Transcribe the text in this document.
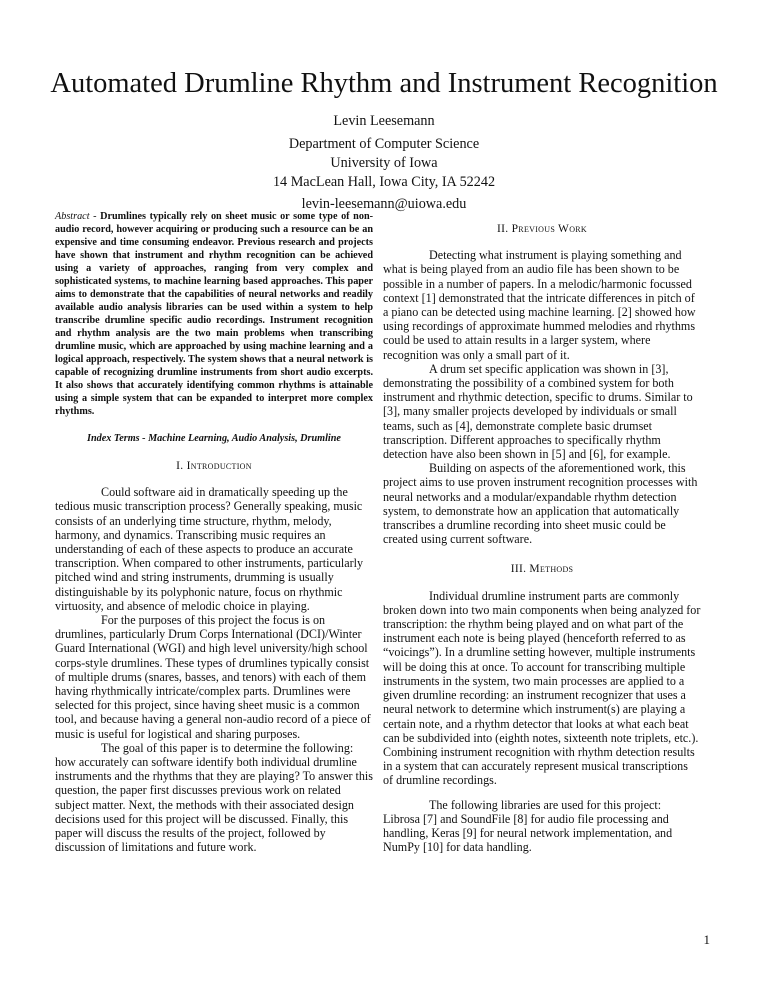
Automated Drumline Rhythm and Instrument Recognition
Levin Leesemann
Department of Computer Science
University of Iowa
14 MacLean Hall, Iowa City, IA 52242
levin-leesemann@uiowa.edu

Abstract - Drumlines typically rely on sheet music or some type of non-audio record, however acquiring or producing such a resource can be an expensive and time consuming endeavor. Previous research and projects have shown that instrument and rhythm recognition can be achieved using a variety of approaches, ranging from very complex and sophisticated systems, to machine learning based approaches. This paper aims to demonstrate that the capabilities of neural networks and readily available audio analysis libraries can be used within a system to help transcribe drumline specific audio recordings. Instrument recognition and rhythm analysis are the two main problems when transcribing drumline music, which are approached by using machine learning and a logical approach, respectively. The system shows that a neural network is capable of recognizing drumline instruments from short audio excerpts. It also shows that accurately identifying common rhythms is attainable using a simple system that can be expanded to interpret more complex rhythms.

Index Terms - Machine Learning, Audio Analysis, Drumline

I. Introduction

Could software aid in dramatically speeding up the tedious music transcription process? Generally speaking, music consists of an underlying time structure, rhythm, melody, harmony, and dynamics. Transcribing music requires an understanding of each of these aspects to produce an accurate transcription. When compared to other instruments, particularly pitched wind and string instruments, drumming is usually distinguishable by its polyphonic nature, focus on rhythmic virtuosity, and absence of melodic choice in playing.

For the purposes of this project the focus is on drumlines, particularly Drum Corps International (DCI)/Winter Guard International (WGI) and high level university/high school corps-style drumlines. These types of drumlines typically consist of multiple drums (snares, basses, and tenors) with each of them having rhythmically intricate/complex parts. Drumlines were selected for this project, since having sheet music is a common tool, and because having a general non-audio record of a piece of music is useful for logistical and sharing purposes.

The goal of this paper is to determine the following: how accurately can software identify both individual drumline instruments and the rhythms that they are playing? To answer this question, the paper first discusses previous work on related subject matter. Next, the methods with their associated design decisions used for this project will be discussed. Finally, this paper will discuss the results of the project, followed by discussion of limitations and future work.

II. Previous Work

Detecting what instrument is playing something and what is being played from an audio file has been shown to be possible in a number of papers. In a melodic/harmonic focussed context [1] demonstrated that the intricate differences in pitch of a piano can be detected using machine learning. [2] showed how using recordings of approximate hummed melodies and rhythms could be used to attain results in a larger system, where recognition was only a small part of it.

A drum set specific application was shown in [3], demonstrating the possibility of a combined system for both instrument and rhythmic detection, specific to drums. Similar to [3], many smaller projects developed by individuals or small teams, such as [4], demonstrate complete basic drumset transcription. Different approaches to specifically rhythm detection have also been shown in [5] and [6], for example.

Building on aspects of the aforementioned work, this project aims to use proven instrument recognition processes with neural networks and a modular/expandable rhythm detection system, to demonstrate how an application that automatically transcribes a drumline recording into sheet music could be created using current software.

III. Methods

Individual drumline instrument parts are commonly broken down into two main components when being analyzed for transcription: the rhythm being played and on what part of the instrument each note is being played (henceforth referred to as “voicings”). In a drumline setting however, multiple instruments will be doing this at once. To account for transcribing multiple instruments in the system, two main processes are applied to a given drumline recording: an instrument recognizer that uses a neural network to determine which instrument(s) are playing a certain note, and a rhythm detector that looks at what each beat can be subdivided into (eighth notes, sixteenth note triplets, etc.). Combining instrument recognition with rhythm detection results in a system that can accurately represent musical transcriptions of drumline recordings.

The following libraries are used for this project: Librosa [7] and SoundFile [8] for audio file processing and handling, Keras [9] for neural network implementation, and NumPy [10] for data handling.

1
